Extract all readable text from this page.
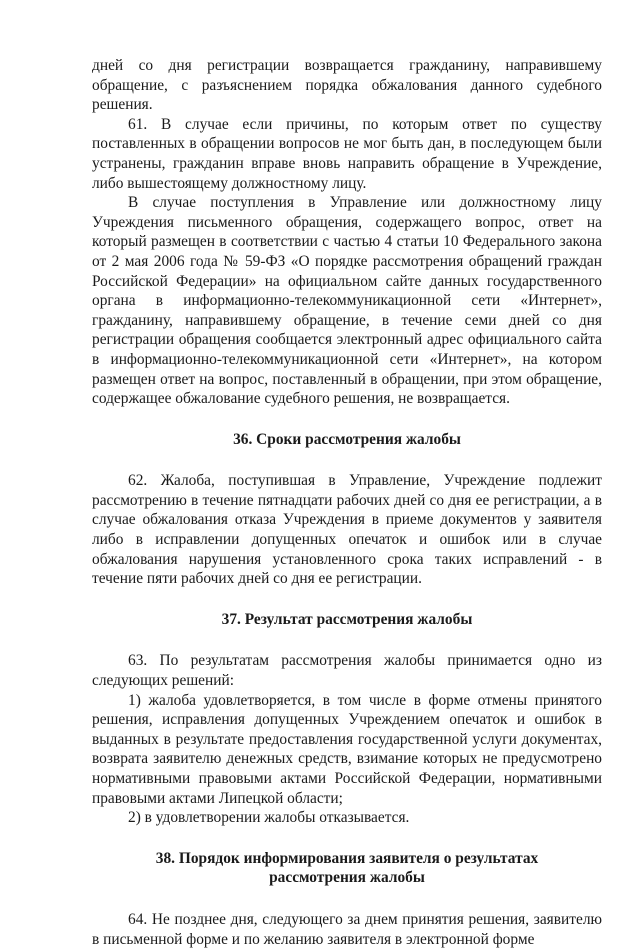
дней со дня регистрации возвращается гражданину, направившему обращение, с разъяснением порядка обжалования данного судебного решения.

61. В случае если причины, по которым ответ по существу поставленных в обращении вопросов не мог быть дан, в последующем были устранены, гражданин вправе вновь направить обращение в Учреждение, либо вышестоящему должностному лицу.

В случае поступления в Управление или должностному лицу Учреждения письменного обращения, содержащего вопрос, ответ на который размещен в соответствии с частью 4 статьи 10 Федерального закона от 2 мая 2006 года № 59-ФЗ «О порядке рассмотрения обращений граждан Российской Федерации» на официальном сайте данных государственного органа в информационно-телекоммуникационной сети «Интернет», гражданину, направившему обращение, в течение семи дней со дня регистрации обращения сообщается электронный адрес официального сайта в информационно-телекоммуникационной сети «Интернет», на котором размещен ответ на вопрос, поставленный в обращении, при этом обращение, содержащее обжалование судебного решения, не возвращается.

36. Сроки рассмотрения жалобы

62. Жалоба, поступившая в Управление, Учреждение подлежит рассмотрению в течение пятнадцати рабочих дней со дня ее регистрации, а в случае обжалования отказа Учреждения в приеме документов у заявителя либо в исправлении допущенных опечаток и ошибок или в случае обжалования нарушения установленного срока таких исправлений - в течение пяти рабочих дней со дня ее регистрации.

37. Результат рассмотрения жалобы

63. По результатам рассмотрения жалобы принимается одно из следующих решений:

1) жалоба удовлетворяется, в том числе в форме отмены принятого решения, исправления допущенных Учреждением опечаток и ошибок в выданных в результате предоставления государственной услуги документах, возврата заявителю денежных средств, взимание которых не предусмотрено нормативными правовыми актами Российской Федерации, нормативными правовыми актами Липецкой области;

2) в удовлетворении жалобы отказывается.

38. Порядок информирования заявителя о результатах рассмотрения жалобы

64. Не позднее дня, следующего за днем принятия решения, заявителю в письменной форме и по желанию заявителя в электронной форме
